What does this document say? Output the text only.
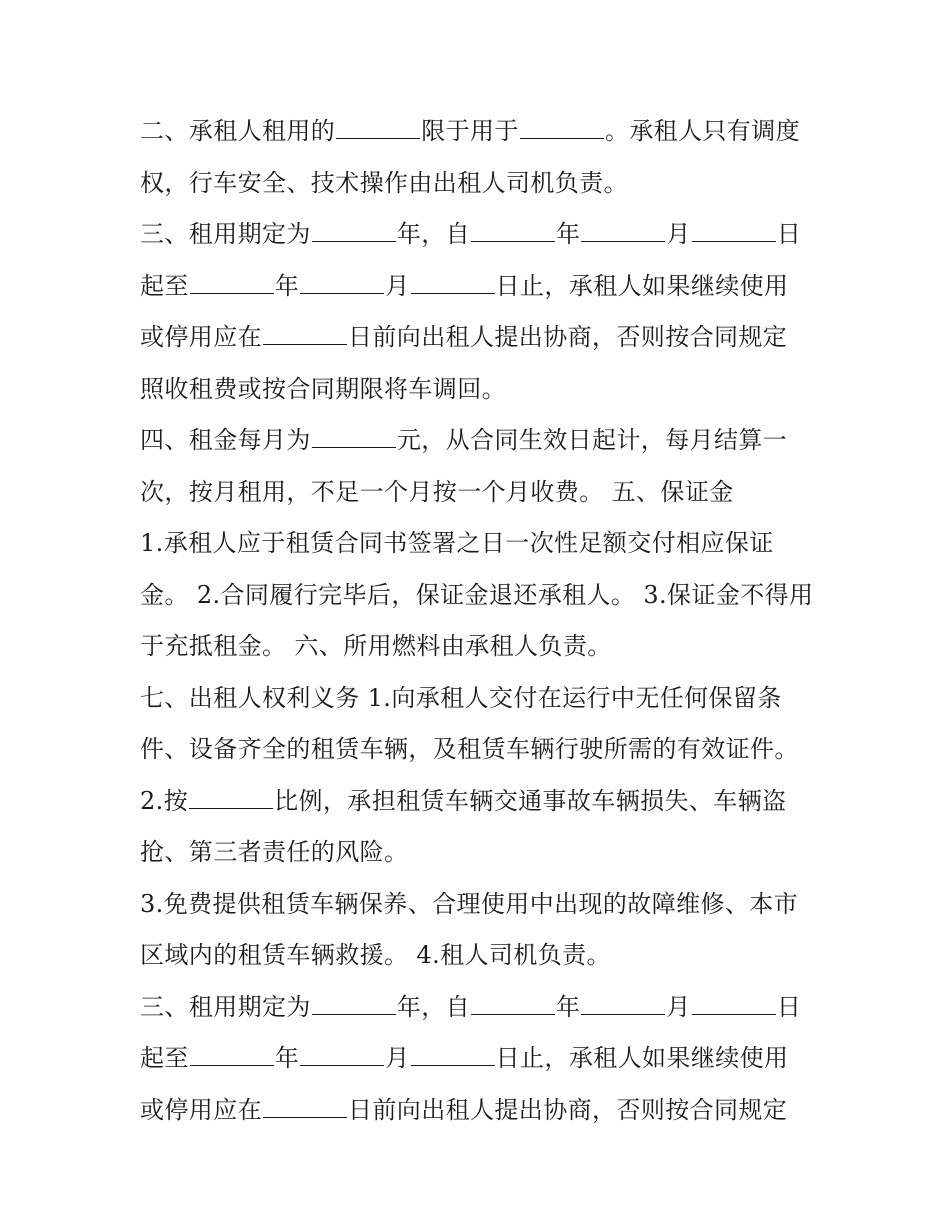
二、承租人租用的	限于用于	。承租人只有调度
权，行车安全、技术操作由出租人司机负责。
三、租用期定为	年，自	年	月	日
起至	年	月	日止，承租人如果继续使用
或停用应在	日前向出租人提出协商，否则按合同规定
照收租费或按合同期限将车调回。
四、租金每月为	元，从合同生效日起计，每月结算一
次，按月租用，不足一个月按一个月收费。 五、保证金
1.承租人应于租赁合同书签署之日一次性足额交付相应保证
金。 2.合同履行完毕后，保证金退还承租人。 3.保证金不得用
于充抵租金。 六、所用燃料由承租人负责。
七、出租人权利义务 1.向承租人交付在运行中无任何保留条
件、设备齐全的租赁车辆，及租赁车辆行驶所需的有效证件。
2.按	比例，承担租赁车辆交通事故车辆损失、车辆盗
抢、第三者责任的风险。
3.免费提供租赁车辆保养、合理使用中出现的故障维修、本市
区域内的租赁车辆救援。 4.租人司机负责。
三、租用期定为	年，自	年	月	日
起至	年	月	日止，承租人如果继续使用
或停用应在	日前向出租人提出协商，否则按合同规定
